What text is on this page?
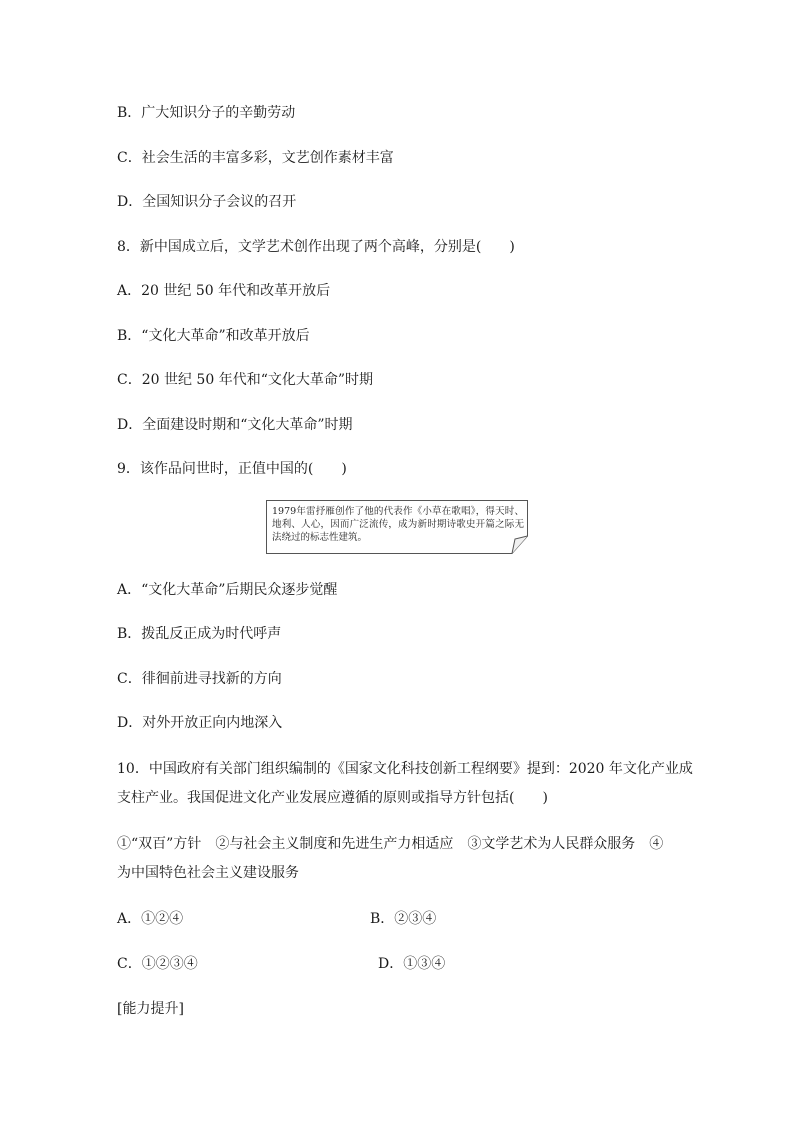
B．广大知识分子的辛勤劳动
C．社会生活的丰富多彩，文艺创作素材丰富
D．全国知识分子会议的召开
8．新中国成立后，文学艺术创作出现了两个高峰，分别是(　　)
A．20 世纪 50 年代和改革开放后
B．“文化大革命”和改革开放后
C．20 世纪 50 年代和“文化大革命”时期
D．全面建设时期和“文化大革命”时期
9．该作品问世时，正值中国的(　　)
1979年雷抒雁创作了他的代表作《小草在歌唱》，得天时、地利、人心，因而广泛流传，成为新时期诗歌史开篇之际无法绕过的标志性建筑。
A．“文化大革命”后期民众逐步觉醒
B．拨乱反正成为时代呼声
C．徘徊前进寻找新的方向
D．对外开放正向内地深入
10．中国政府有关部门组织编制的《国家文化科技创新工程纲要》提到：2020 年文化产业成
支柱产业。我国促进文化产业发展应遵循的原则或指导方针包括(　　)
①“双百”方针　②与社会主义制度和先进生产力相适应　③文学艺术为人民群众服务　④
为中国特色社会主义建设服务
A．①②④	B．②③④
C．①②③④	D．①③④
[能力提升]
